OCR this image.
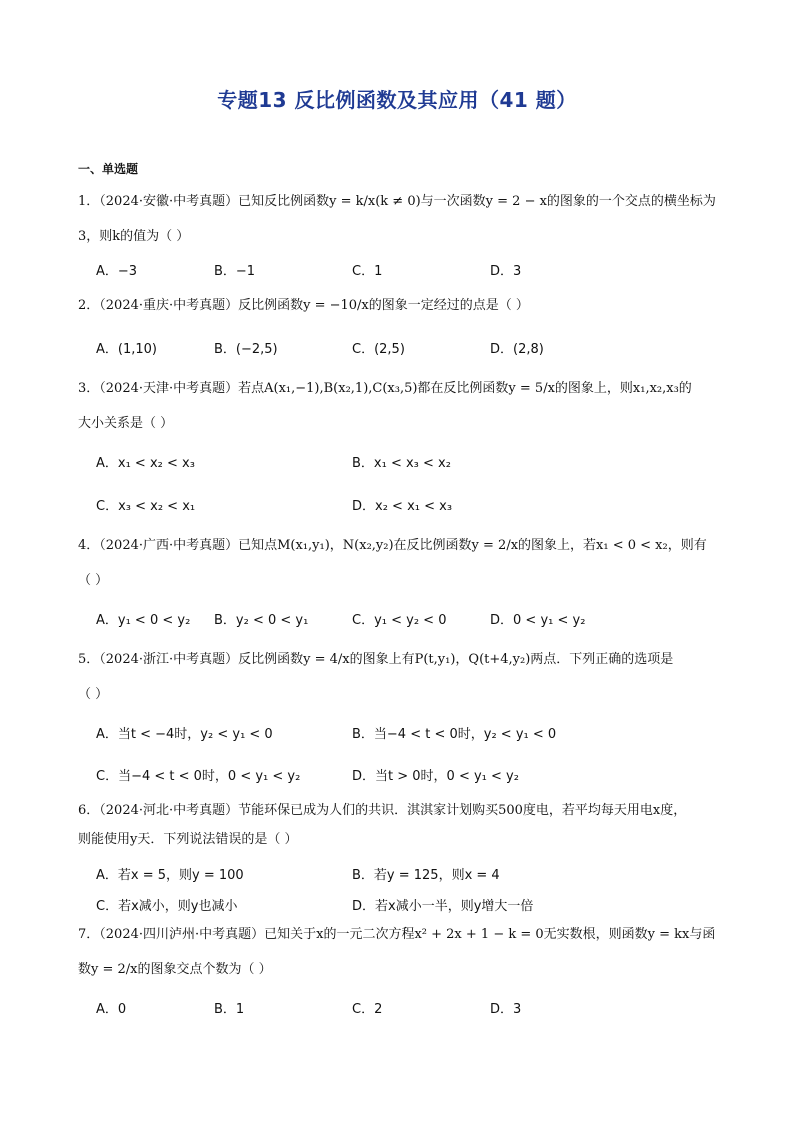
专题13 反比例函数及其应用（41 题）
一、单选题
1．（2024·安徽·中考真题）已知反比例函数y = k/x(k ≠ 0)与一次函数y = 2 − x的图象的一个交点的横坐标为
3，则k的值为（ ）
A．−3	B．−1	C．1	D．3
2．（2024·重庆·中考真题）反比例函数y = −10/x的图象一定经过的点是（ ）
A．(1,10)	B．(−2,5)	C．(2,5)	D．(2,8)
3．（2024·天津·中考真题）若点A(x₁,−1),B(x₂,1),C(x₃,5)都在反比例函数y = 5/x的图象上，则x₁,x₂,x₃的
大小关系是（ ）
A．x₁ < x₂ < x₃	B．x₁ < x₃ < x₂
C．x₃ < x₂ < x₁	D．x₂ < x₁ < x₃
4．（2024·广西·中考真题）已知点M(x₁,y₁)，N(x₂,y₂)在反比例函数y = 2/x的图象上，若x₁ < 0 < x₂，则有
（ ）
A．y₁ < 0 < y₂ B．y₂ < 0 < y₁	C．y₁ < y₂ < 0	D．0 < y₁ < y₂
5．（2024·浙江·中考真题）反比例函数y = 4/x的图象上有P(t,y₁)，Q(t+4,y₂)两点．下列正确的选项是
（ ）
A．当t < −4时，y₂ < y₁ < 0	B．当−4 < t < 0时，y₂ < y₁ < 0
C．当−4 < t < 0时，0 < y₁ < y₂	D．当t > 0时，0 < y₁ < y₂
6．（2024·河北·中考真题）节能环保已成为人们的共识．淇淇家计划购买500度电，若平均每天用电x度，
则能使用y天．下列说法错误的是（ ）
A．若x = 5，则y = 100	B．若y = 125，则x = 4
C．若x减小，则y也减小	D．若x减小一半，则y增大一倍
7．（2024·四川泸州·中考真题）已知关于x的一元二次方程x² + 2x + 1 − k = 0无实数根，则函数y = kx与函
数y = 2/x的图象交点个数为（ ）
A．0	B．1	C．2	D．3
